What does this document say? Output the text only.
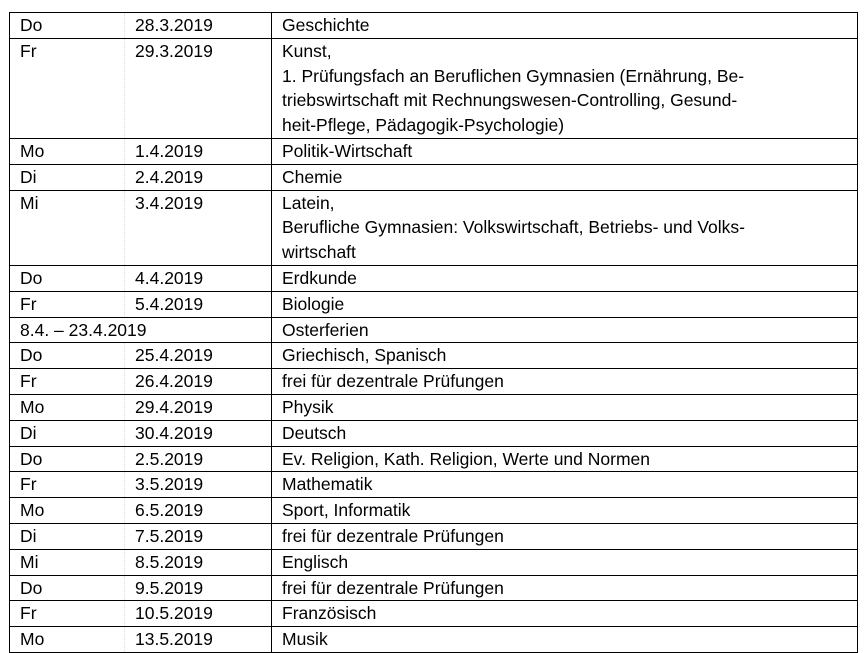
Do	28.3.2019	Geschichte

Fr	29.3.2019	Kunst,
1. Prüfungsfach an Beruflichen Gymnasien (Ernährung, Be-
triebswirtschaft mit Rechnungswesen-Controlling, Gesund-
heit-Pflege, Pädagogik-Psychologie)

Mo	1.4.2019	Politik-Wirtschaft

Di	2.4.2019	Chemie

Mi	3.4.2019	Latein,
Berufliche Gymnasien: Volkswirtschaft, Betriebs- und Volks-
wirtschaft

Do	4.4.2019	Erdkunde

Fr	5.4.2019	Biologie

8.4. – 23.4.2019		Osterferien

Do	25.4.2019	Griechisch, Spanisch

Fr	26.4.2019	frei für dezentrale Prüfungen

Mo	29.4.2019	Physik

Di	30.4.2019	Deutsch

Do	2.5.2019	Ev. Religion, Kath. Religion, Werte und Normen

Fr	3.5.2019	Mathematik

Mo	6.5.2019	Sport, Informatik

Di	7.5.2019	frei für dezentrale Prüfungen

Mi	8.5.2019	Englisch

Do	9.5.2019	frei für dezentrale Prüfungen

Fr	10.5.2019	Französisch

Mo	13.5.2019	Musik
